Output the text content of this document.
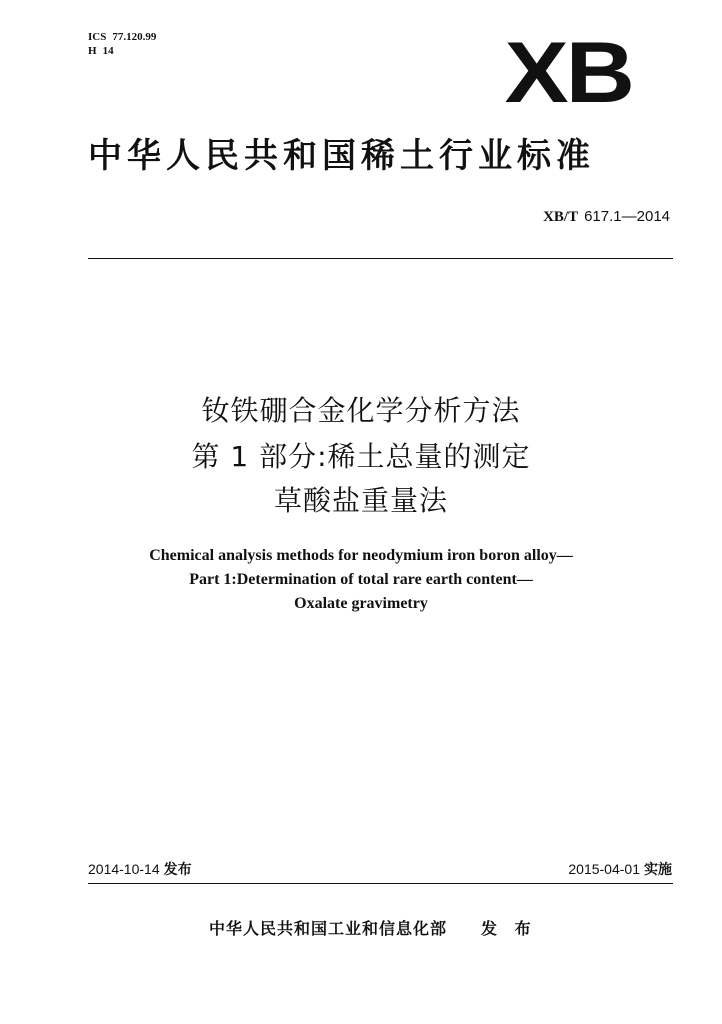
ICS 77.120.99
H 14	XB
中华人民共和国稀土行业标准
XB/T 617.1—2014
钕铁硼合金化学分析方法
第 1 部分:稀土总量的测定
草酸盐重量法
Chemical analysis methods for neodymium iron boron alloy—
Part 1:Determination of total rare earth content—
Oxalate gravimetry
2014-10-14 发布	2015-04-01 实施
中华人民共和国工业和信息化部 发 布
